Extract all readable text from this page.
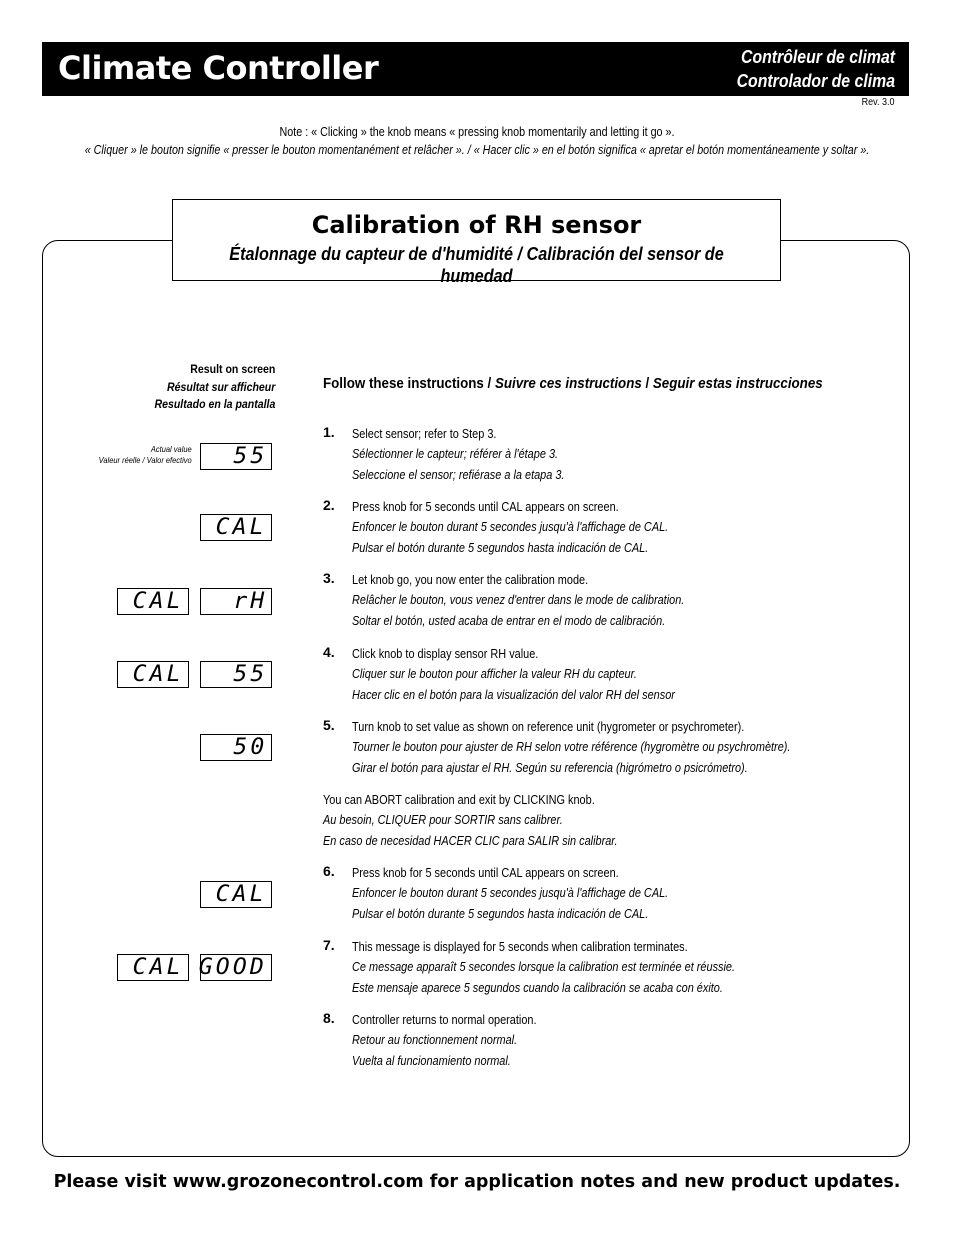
Climate Controller	Contrôleur de climat
Controlador de clima
Rev. 3.0
Note : « Clicking » the knob means « pressing knob momentarily and letting it go ».
« Cliquer » le bouton signifie « presser le bouton momentanément et relâcher ». / « Hacer clic » en el botón significa « apretar el botón momentáneamente y soltar ».
Calibration of RH sensor
Étalonnage du capteur de d'humidité / Calibración del sensor de humedad
Result on screen
Résultat sur afficheur
Resultado en la pantalla
Actual value
Valeur réelle / Valor efectivo 55
CAL
CAL rH
CAL 55
50
CAL
CAL GOOD
Follow these instructions / Suivre ces instructions / Seguir estas instrucciones
1. Select sensor; refer to Step 3.
Sélectionner le capteur; référer à l'étape 3.
Seleccione el sensor; refiérase a la etapa 3.
2. Press knob for 5 seconds until CAL appears on screen.
Enfoncer le bouton durant 5 secondes jusqu'à l'affichage de CAL.
Pulsar el botón durante 5 segundos hasta indicación de CAL.
3. Let knob go, you now enter the calibration mode.
Relâcher le bouton, vous venez d'entrer dans le mode de calibration.
Soltar el botón, usted acaba de entrar en el modo de calibración.
4. Click knob to display sensor RH value.
Cliquer sur le bouton pour afficher la valeur RH du capteur.
Hacer clic en el botón para la visualización del valor RH del sensor
5. Turn knob to set value as shown on reference unit (hygrometer or psychrometer).
Tourner le bouton pour ajuster de RH selon votre référence (hygromètre ou psychromètre).
Girar el botón para ajustar el RH. Según su referencia (higrómetro o psicrómetro).
You can ABORT calibration and exit by CLICKING knob.
Au besoin, CLIQUER pour SORTIR sans calibrer.
En caso de necesidad HACER CLIC para SALIR sin calibrar.
6. Press knob for 5 seconds until CAL appears on screen.
Enfoncer le bouton durant 5 secondes jusqu'à l'affichage de CAL.
Pulsar el botón durante 5 segundos hasta indicación de CAL.
7. This message is displayed for 5 seconds when calibration terminates.
Ce message apparaît 5 secondes lorsque la calibration est terminée et réussie.
Este mensaje aparece 5 segundos cuando la calibración se acaba con éxito.
8. Controller returns to normal operation.
Retour au fonctionnement normal.
Vuelta al funcionamiento normal.
Please visit www.grozonecontrol.com for application notes and new product updates.
